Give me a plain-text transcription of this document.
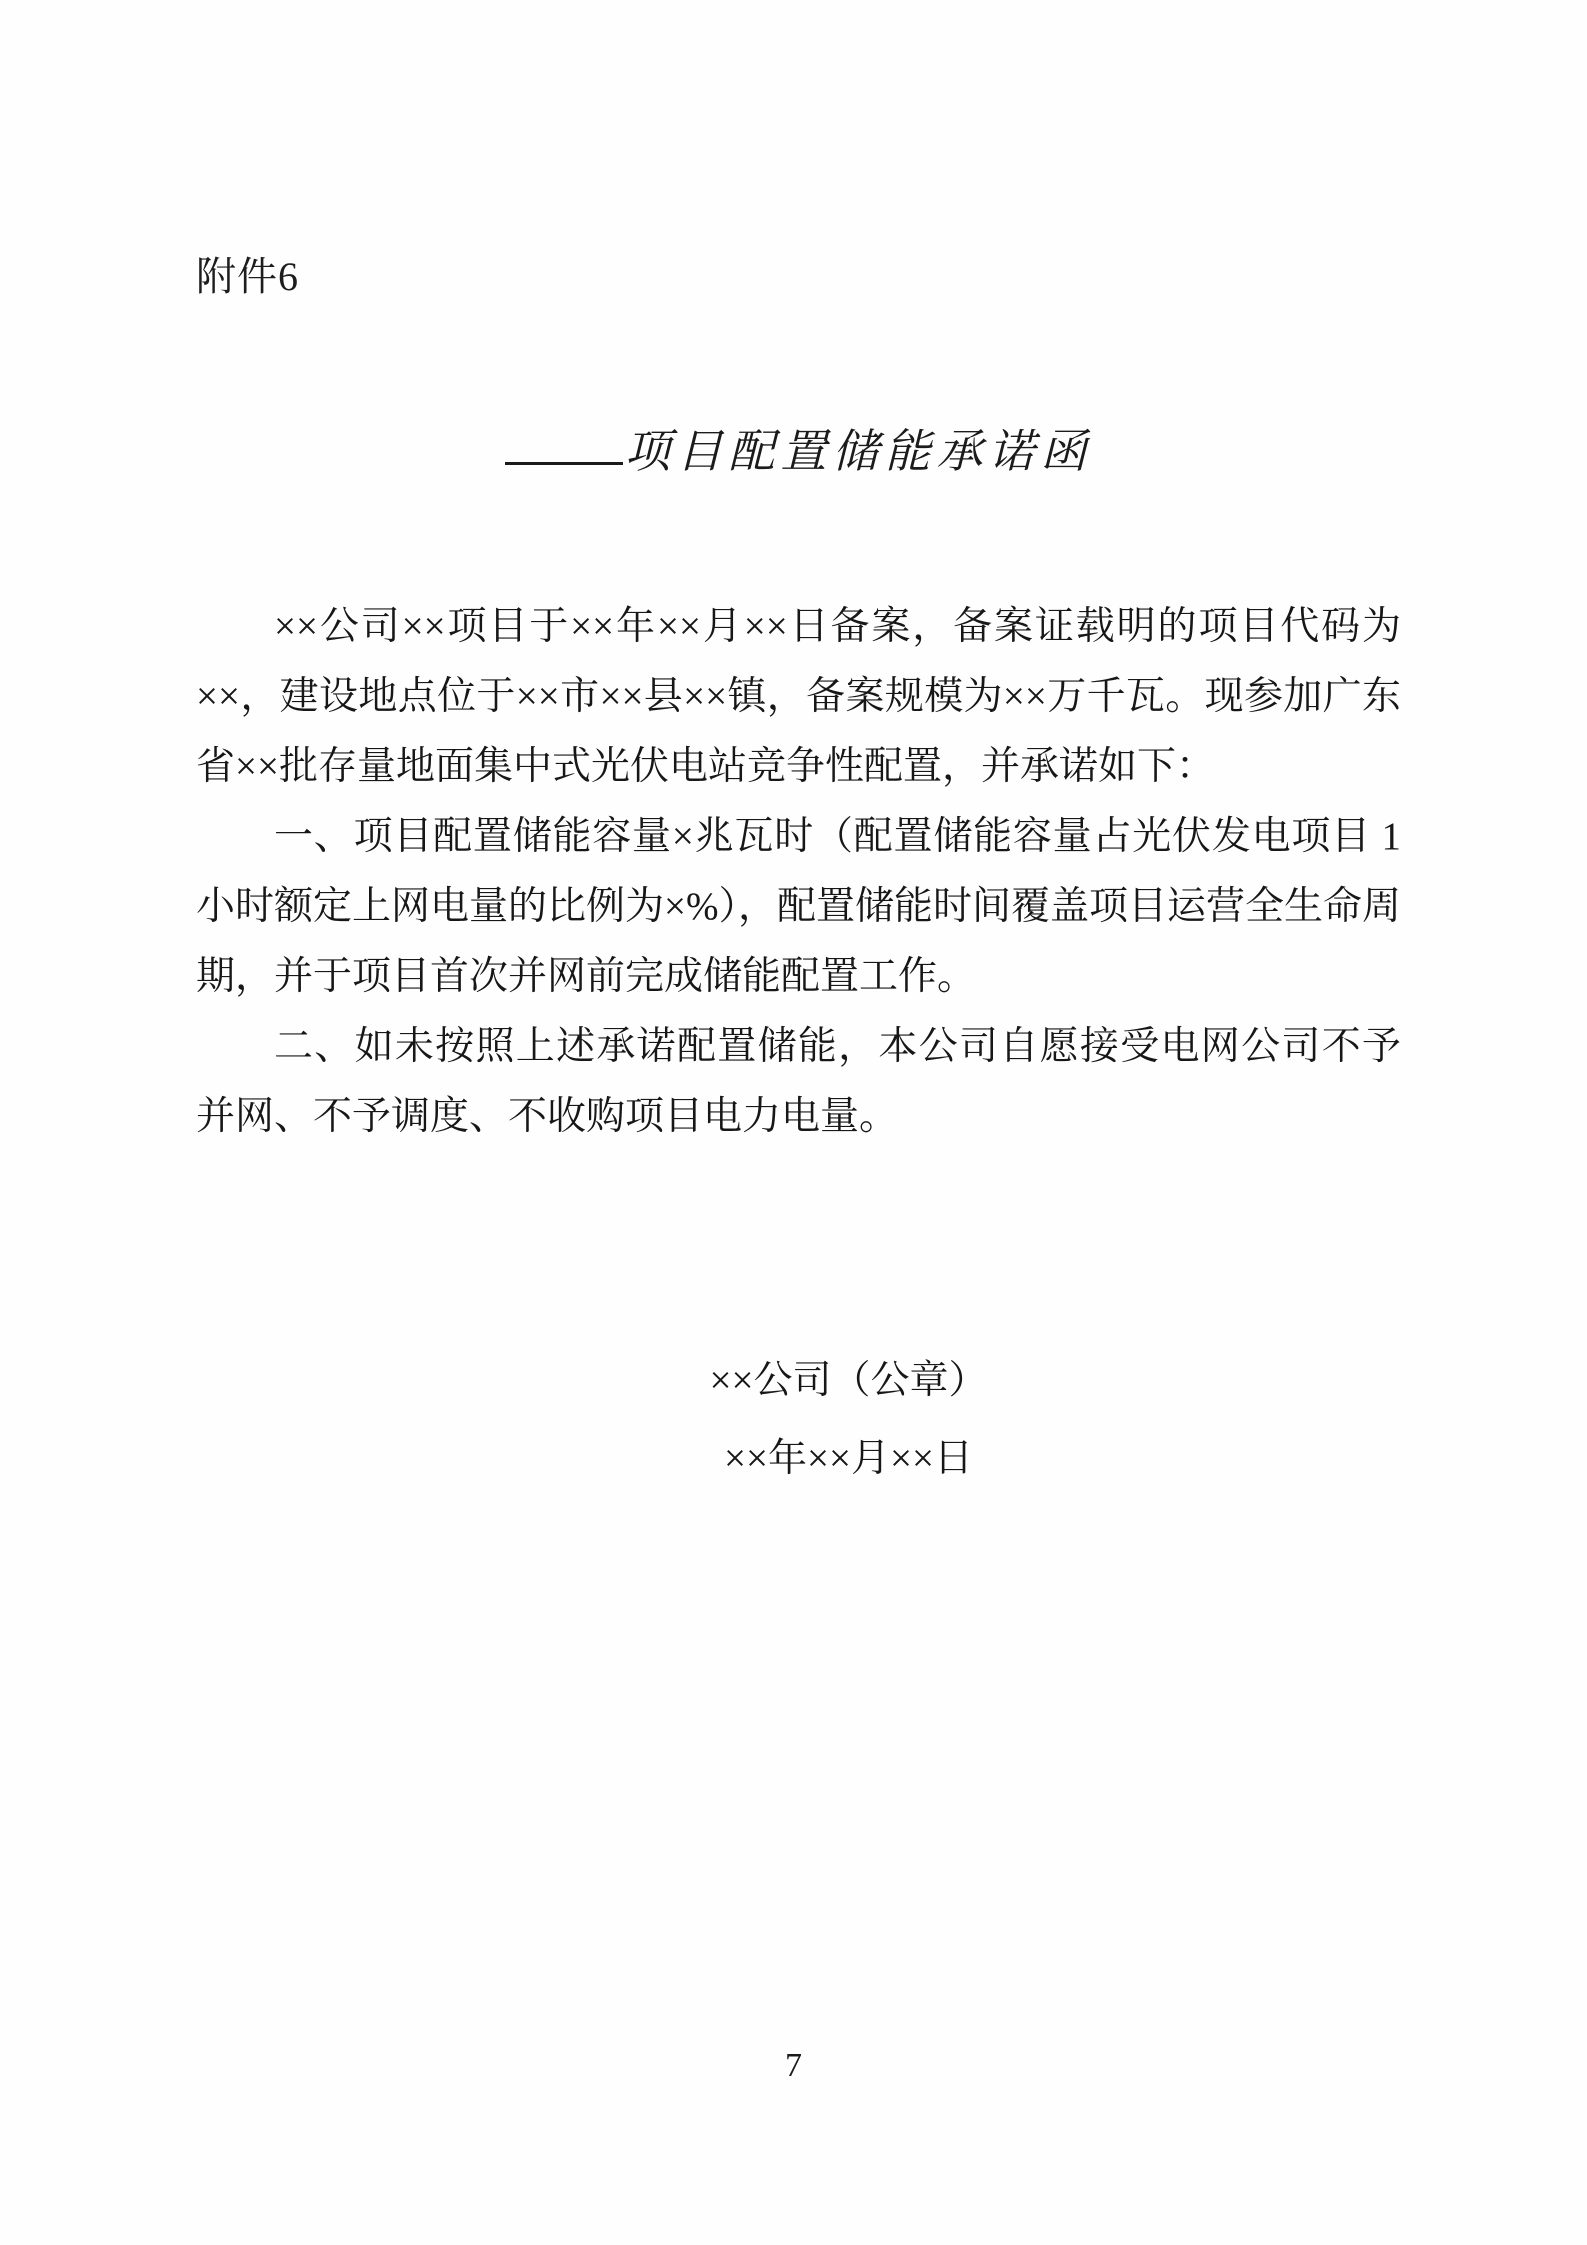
附件6
项目配置储能承诺函

××公司××项目于××年××月××日备案，备案证载明的项目代码为××，建设地点位于××市××县××镇，备案规模为××万千瓦。现参加广东省××批存量地面集中式光伏电站竞争性配置，并承诺如下：

一、项目配置储能容量×兆瓦时（配置储能容量占光伏发电项目 1 小时额定上网电量的比例为×%），配置储能时间覆盖项目运营全生命周期，并于项目首次并网前完成储能配置工作。

二、如未按照上述承诺配置储能，本公司自愿接受电网公司不予并网、不予调度、不收购项目电力电量。

××公司（公章）
××年××月××日
7
